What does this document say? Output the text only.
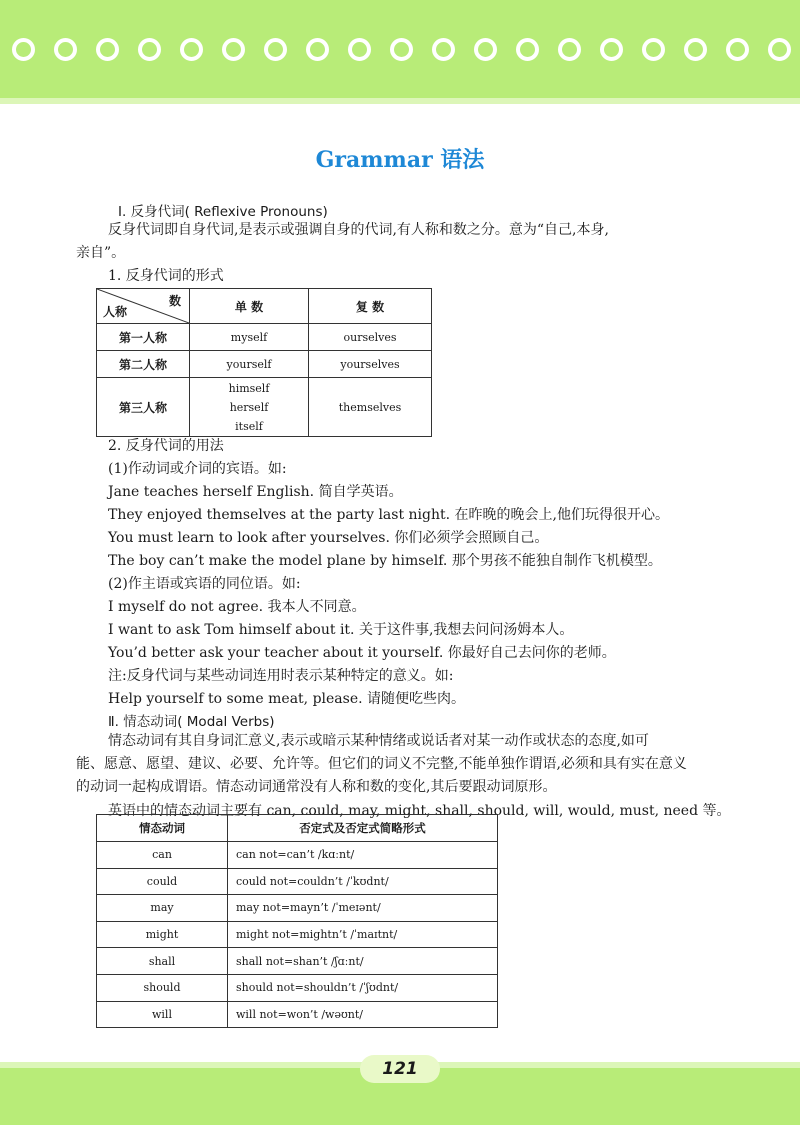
Grammar 语法
Ⅰ. 反身代词( Reflexive Pronouns)
反身代词即自身代词,是表示或强调自身的代词,有人称和数之分。意为“自己,本身,
亲自”。
1. 反身代词的形式
数
人称	单 数	复 数
第一人称	myself	ourselves
第二人称	yourself	yourselves
第三人称	himself
herself
itself	themselves
2. 反身代词的用法
(1)作动词或介词的宾语。如:
Jane teaches herself English. 简自学英语。
They enjoyed themselves at the party last night. 在昨晚的晚会上,他们玩得很开心。
You must learn to look after yourselves. 你们必须学会照顾自己。
The boy can’t make the model plane by himself. 那个男孩不能独自制作飞机模型。
(2)作主语或宾语的同位语。如:
I myself do not agree. 我本人不同意。
I want to ask Tom himself about it. 关于这件事,我想去问问汤姆本人。
You’d better ask your teacher about it yourself. 你最好自己去问你的老师。
注:反身代词与某些动词连用时表示某种特定的意义。如:
Help yourself to some meat, please. 请随便吃些肉。
Ⅱ. 情态动词( Modal Verbs)
情态动词有其自身词汇意义,表示或暗示某种情绪或说话者对某一动作或状态的态度,如可
能、愿意、愿望、建议、必要、允许等。但它们的词义不完整,不能单独作谓语,必须和具有实在意义
的动词一起构成谓语。情态动词通常没有人称和数的变化,其后要跟动词原形。
英语中的情态动词主要有 can, could, may, might, shall, should, will, would, must, need 等。
情态动词	否定式及否定式简略形式
can	can not=can’t /kɑːnt/
could	could not=couldn’t /ˈkʊdnt/
may	may not=mayn’t /ˈmeɪənt/
might	might not=mightn’t /ˈmaɪtnt/
shall	shall not=shan’t /ʃɑːnt/
should	should not=shouldn’t /ˈʃʊdnt/
will	will not=won’t /wəʊnt/
121
